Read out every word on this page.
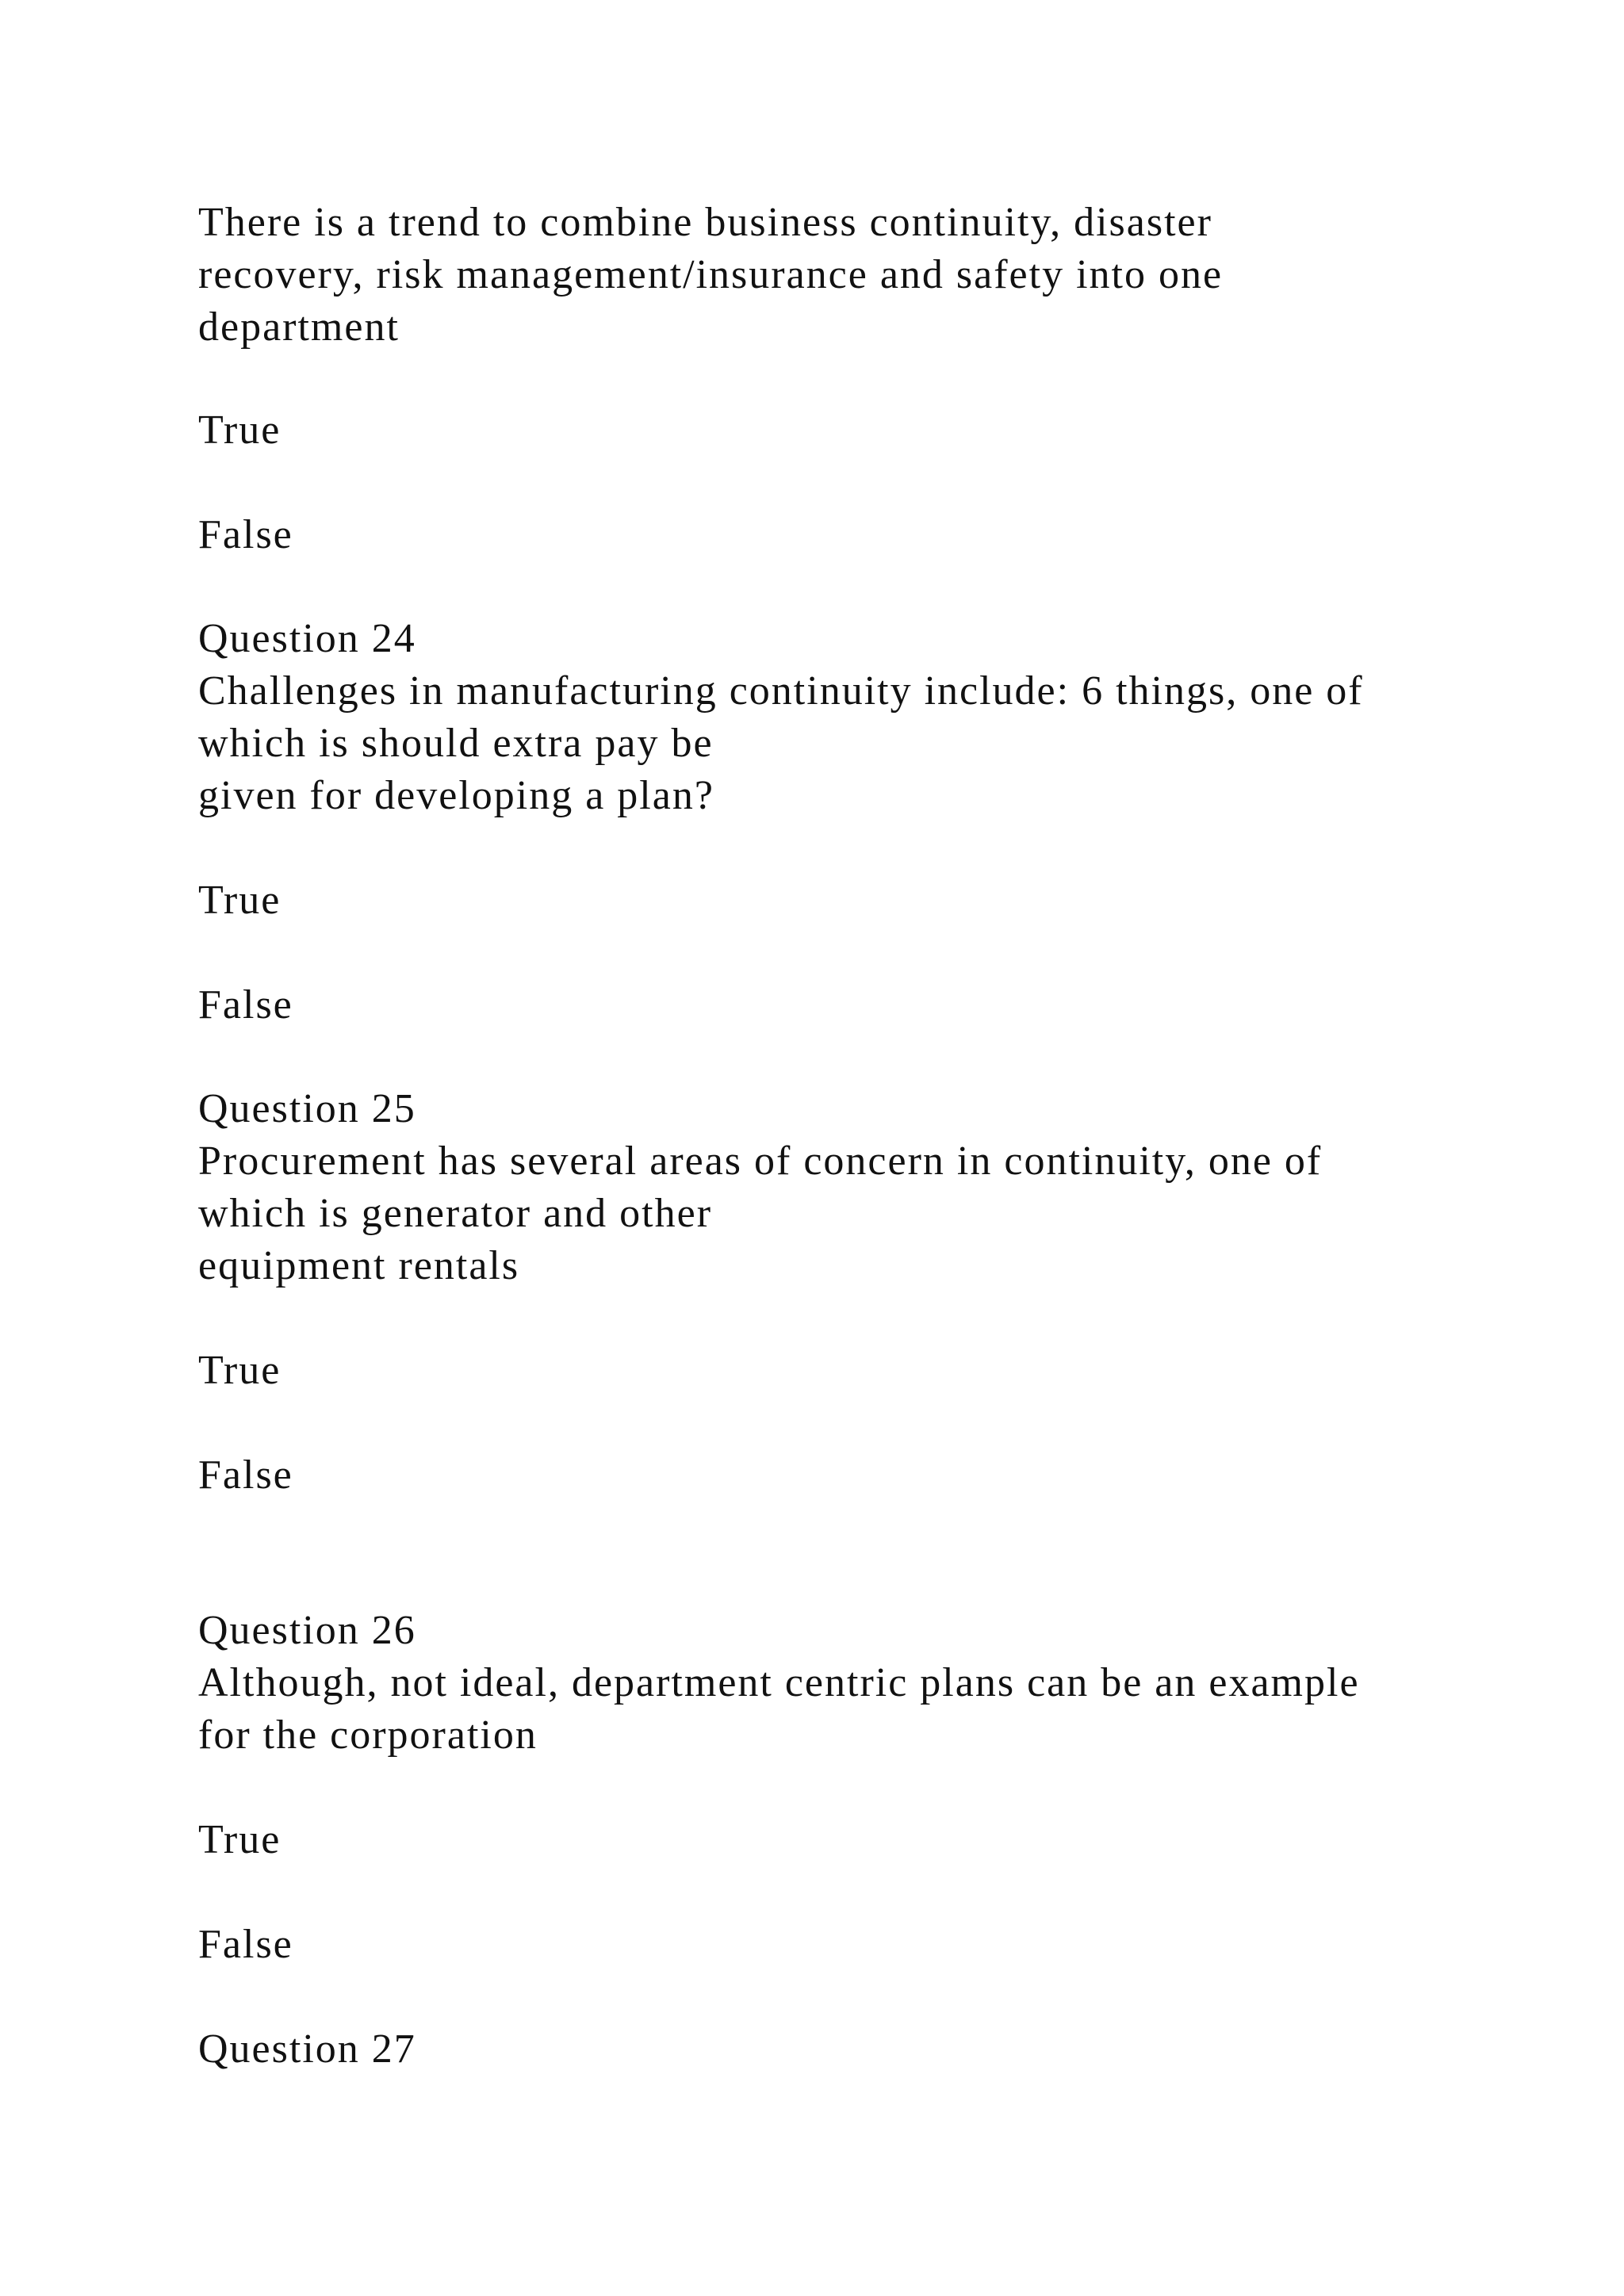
There is a trend to combine business continuity, disaster

recovery, risk management/insurance and safety into one

department

True

False

Question 24

Challenges in manufacturing continuity include: 6 things, one of

which is should extra pay be

given for developing a plan?

True

False

Question 25

Procurement has several areas of concern in continuity, one of

which is generator and other

equipment rentals

True

False

Question 26

Although, not ideal, department centric plans can be an example

for the corporation

True

False

Question 27
